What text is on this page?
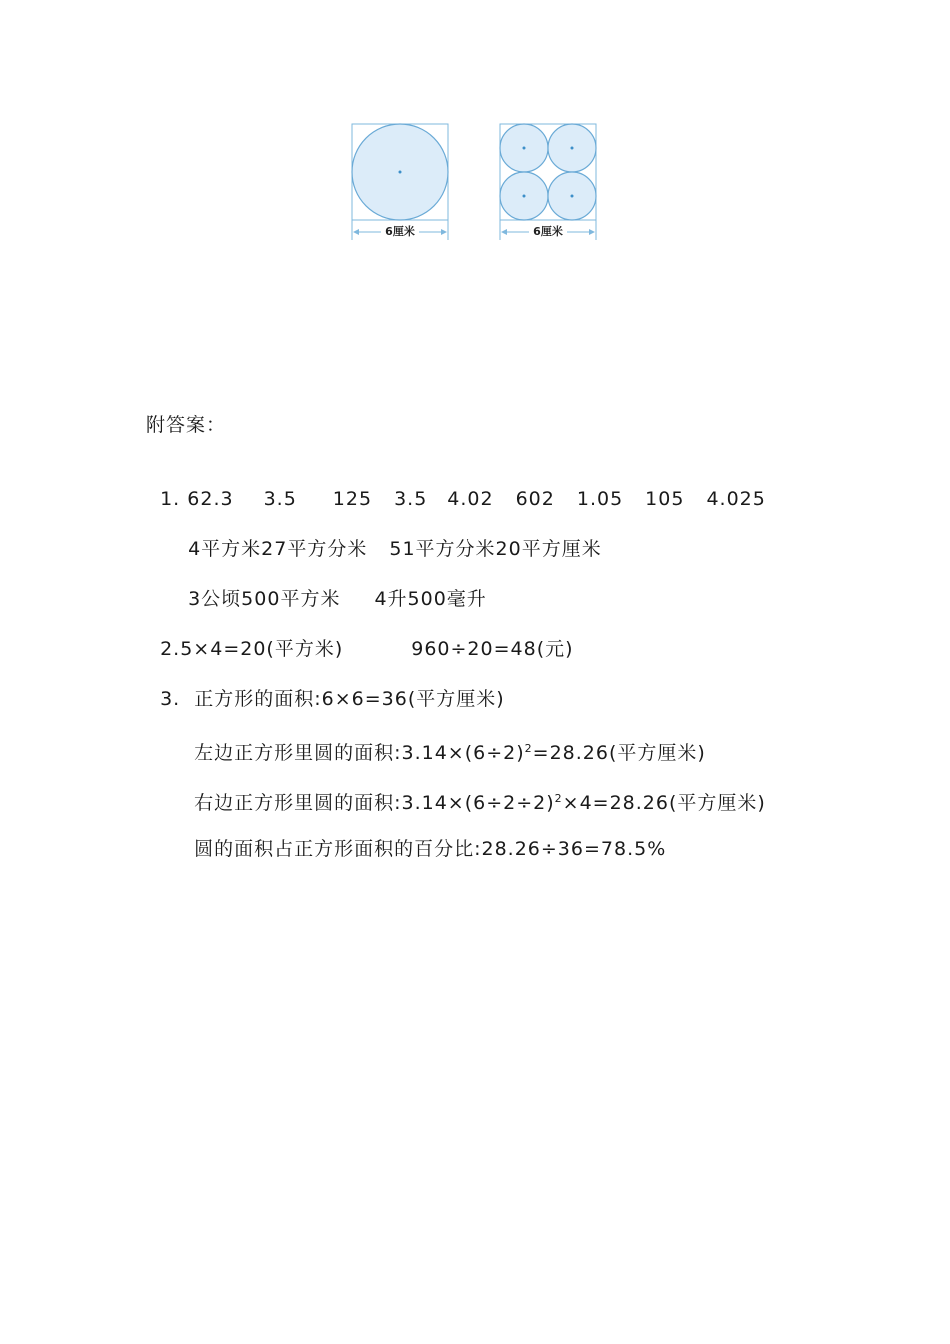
6厘米	6厘米
附答案：

1. 62.3 3.5 125 3.5 4.02 602 1.05 105 4.025

4平方米27平方分米 51平方分米20平方厘米

3公顷500平方米 4升500毫升

2.5×4=20(平方米)	960÷20=48(元)

3. 正方形的面积:6×6=36(平方厘米)

左边正方形里圆的面积$:3.14\times(6\div 2)^2=28.26$(平方厘米)

右边正方形里圆的面积$:3.14\times(6\div 2\div 2)^2\times 4=28.26$(平方厘米)

圆的面积占正方形面积的百分比:28.26÷36=78.5%
